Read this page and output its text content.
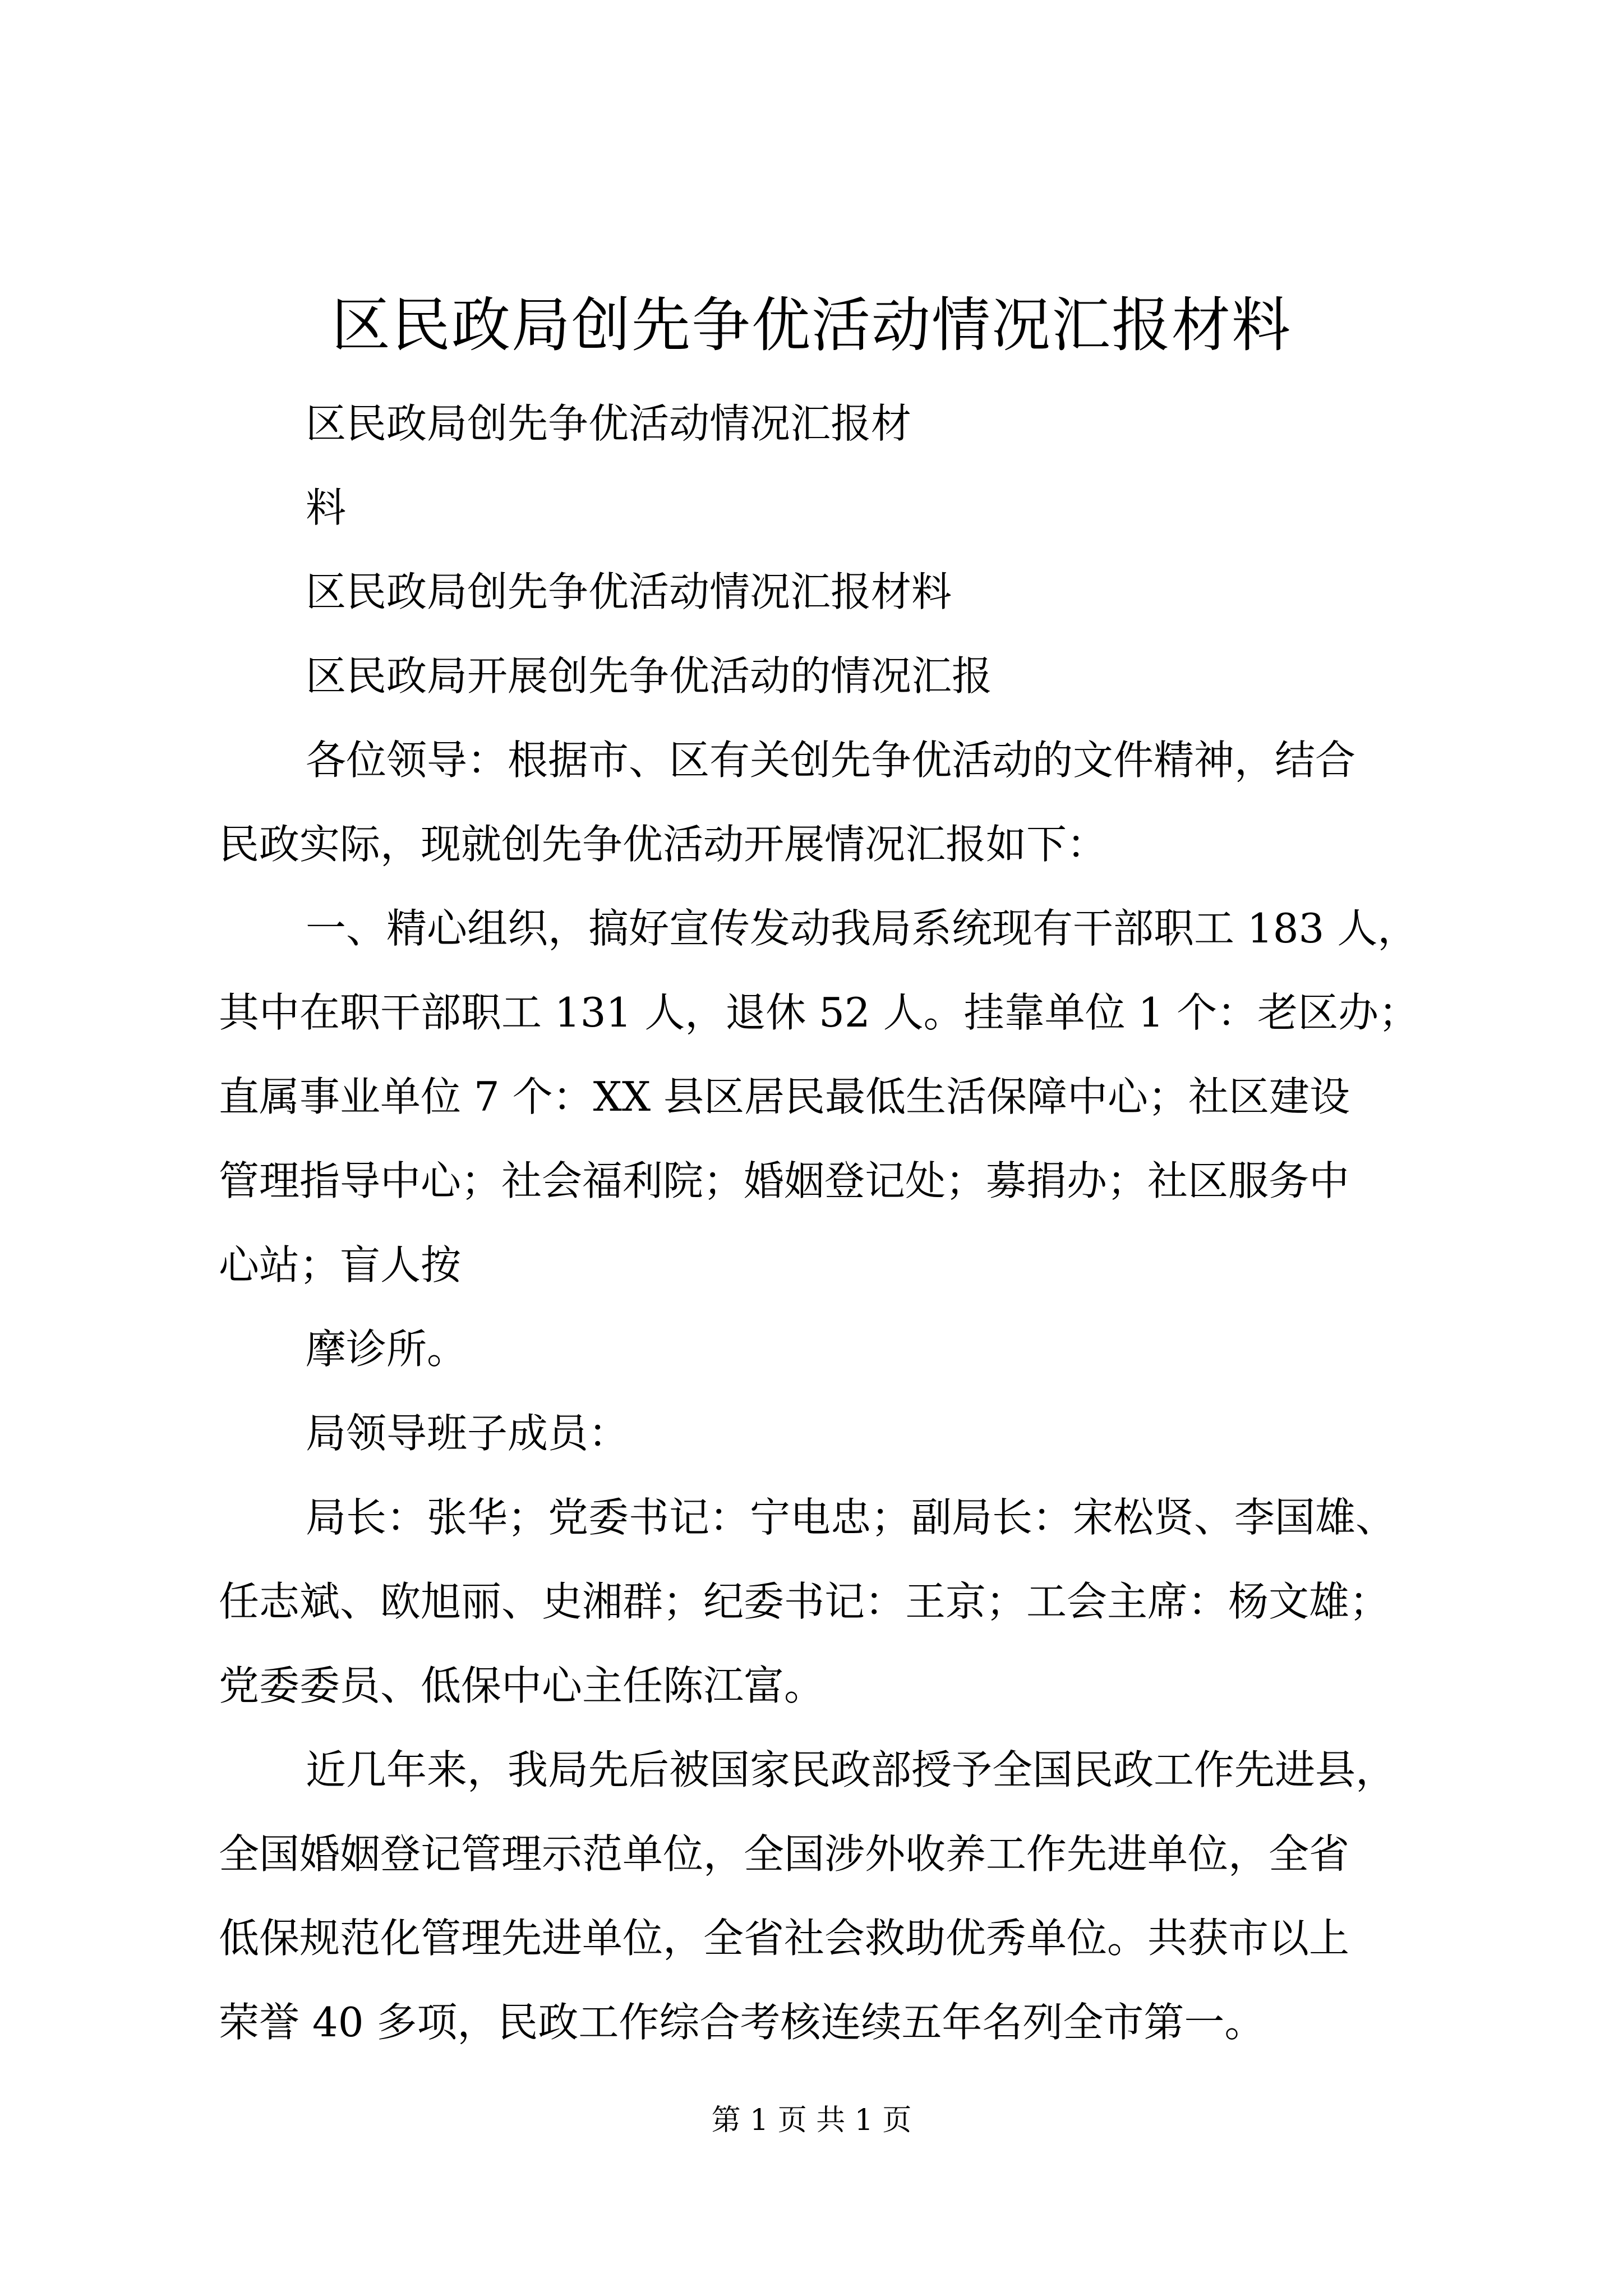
区民政局创先争优活动情况汇报材料
区民政局创先争优活动情况汇报材
料
区民政局创先争优活动情况汇报材料
区民政局开展创先争优活动的情况汇报
各位领导：根据市、区有关创先争优活动的文件精神，结合
民政实际，现就创先争优活动开展情况汇报如下：
一、精心组织，搞好宣传发动我局系统现有干部职工 183 人，
其中在职干部职工 131 人，退休 52 人。挂靠单位 1 个：老区办；
直属事业单位 7 个：XX 县区居民最低生活保障中心；社区建设
管理指导中心；社会福利院；婚姻登记处；募捐办；社区服务中
心站；盲人按
摩诊所。
局领导班子成员：
局长：张华；党委书记：宁电忠；副局长：宋松贤、李国雄、
任志斌、欧旭丽、史湘群；纪委书记：王京；工会主席：杨文雄；
党委委员、低保中心主任陈江富。
近几年来，我局先后被国家民政部授予全国民政工作先进县，
全国婚姻登记管理示范单位，全国涉外收养工作先进单位，全省
低保规范化管理先进单位，全省社会救助优秀单位。共获市以上
荣誉 40 多项，民政工作综合考核连续五年名列全市第一。
第 1 页 共 1 页
